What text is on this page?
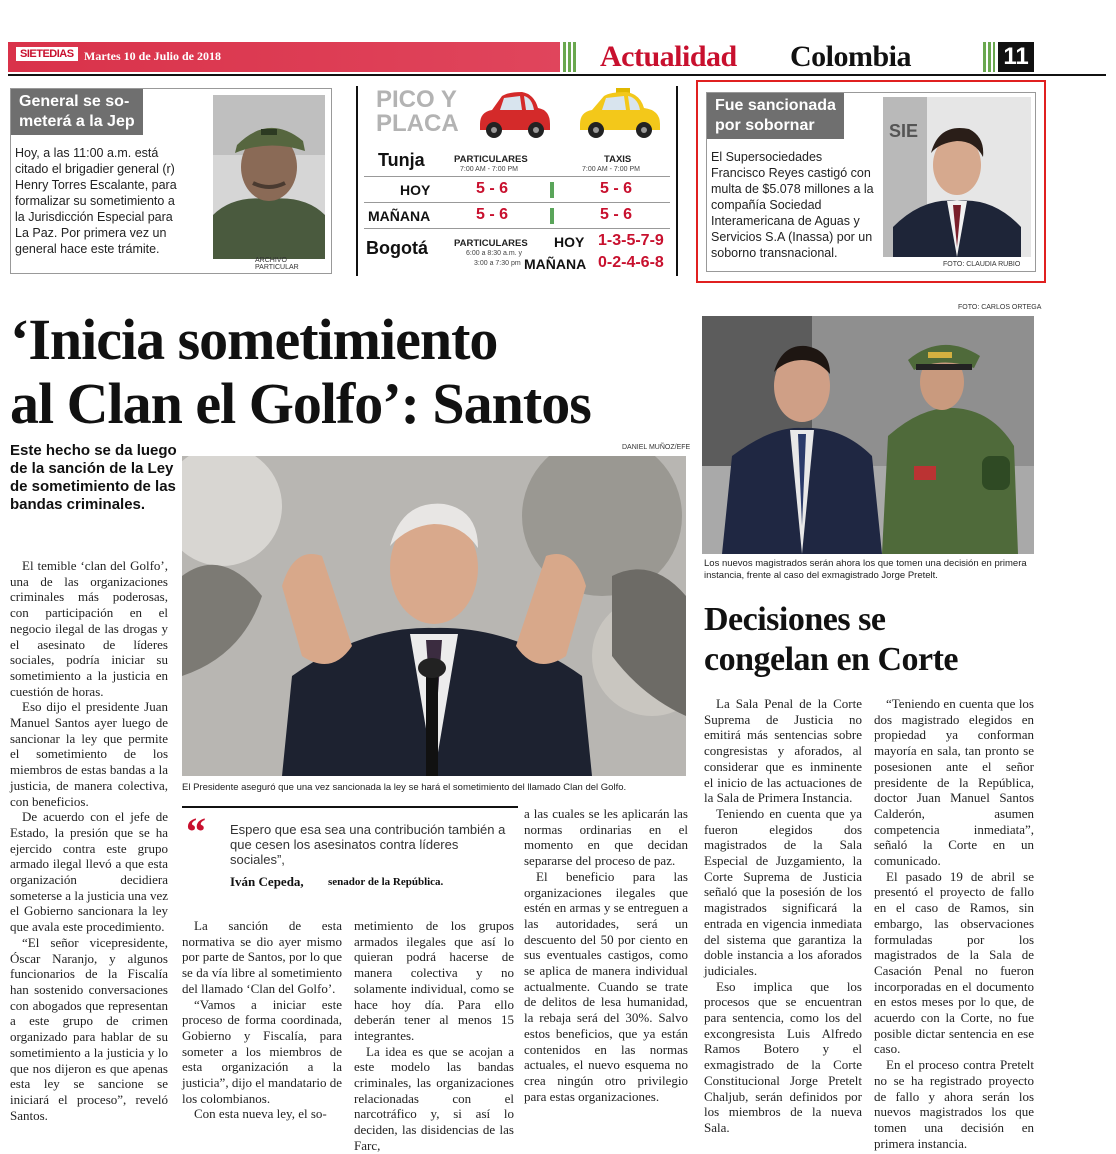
SIETEDIAS Martes 10 de Julio de 2018	Actualidad Colombia	11
General se so-
meterá a la Jep
Hoy, a las 11:00 a.m. está citado el brigadier general (r) Henry Torres Escalante, para formalizar su sometimiento a la Jurisdicción Especial para La Paz. Por primera vez un general hace este trámite.
ARCHIVO PARTICULAR
PICO Y
PLACA
Tunja	PARTICULARES
7:00 AM - 7:00 PM
TAXIS
7:00 AM - 7:00 PM
HOY	5 - 6	5 - 6
MAÑANA	5 - 6	5 - 6
Bogotá	PARTICULARES
6:00 a 8:30 a.m. y
3:00 a 7:30 pm
HOY 1-3-5-7-9
MAÑANA 0-2-4-6-8
Fue sancionada
por sobornar
El Supersociedades Francisco Reyes castigó con multa de $5.078 millones a la compañía Sociedad Interamericana de Aguas y Servicios S.A (Inassa) por un soborno transnacional.
SIE
FOTO: CLAUDIA RUBIO
‘Inicia sometimiento
al Clan el Golfo’: Santos
Este hecho se da luego de la sanción de la Ley de sometimiento de las bandas criminales.
DANIEL MUÑOZ/EFE
El Presidente aseguró que una vez sancionada la ley se hará el sometimiento del llamado Clan del Golfo.

El temible ‘clan del Golfo’, una de las organizaciones criminales más poderosas, con participación en el negocio ilegal de las drogas y el asesinato de líderes sociales, podría iniciar su sometimiento a la justicia en cuestión de horas.

Eso dijo el presidente Juan Manuel Santos ayer luego de sancionar la ley que permite el sometimiento de los miembros de estas bandas a la justicia, de manera colectiva, con beneficios.

De acuerdo con el jefe de Estado, la presión que se ha ejercido contra este grupo armado ilegal llevó a que esta organización decidiera someterse a la justicia una vez el Gobierno sancionara la ley que avala este procedimiento.

“El señor vicepresidente, Óscar Naranjo, y algunos funcionarios de la Fiscalía han sostenido conversaciones con abogados que representan a este grupo de crimen organizado para hablar de su sometimiento a la justicia y lo que nos dijeron es que apenas esta ley se sancione se iniciará el proceso”, reveló Santos.

“ Espero que esa sea una contribución también a que cesen los asesinatos contra líderes sociales”,
Iván Cepeda, senador de la República.

La sanción de esta normativa se dio ayer mismo por parte de Santos, por lo que se da vía libre al sometimiento del llamado ‘Clan del Golfo’.

“Vamos a iniciar este proceso de forma coordinada, Gobierno y Fiscalía, para someter a los miembros de esta organización a la justicia”, dijo el mandatario de los colombianos.

Con esta nueva ley, el so-

metimiento de los grupos armados ilegales que así lo quieran podrá hacerse de manera colectiva y no solamente individual, como se hace hoy día. Para ello deberán tener al menos 15 integrantes.

La idea es que se acojan a este modelo las bandas criminales, las organizaciones relacionadas con el narcotráfico y, si así lo deciden, las disidencias de las Farc,

a las cuales se les aplicarán las normas ordinarias en el momento en que decidan separarse del proceso de paz.

El beneficio para las organizaciones ilegales que estén en armas y se entreguen a las autoridades, será un descuento del 50 por ciento en sus eventuales castigos, como se aplica de manera individual actualmente. Cuando se trate de delitos de lesa humanidad, la rebaja será del 30%. Salvo estos beneficios, que ya están contenidos en las normas actuales, el nuevo esquema no crea ningún otro privilegio para estas organizaciones.

FOTO: CARLOS ORTEGA
Los nuevos magistrados serán ahora los que tomen una decisión en primera instancia, frente al caso del exmagistrado Jorge Pretelt.
Decisiones se
congelan en Corte

La Sala Penal de la Corte Suprema de Justicia no emitirá más sentencias sobre congresistas y aforados, al considerar que es inminente el inicio de las actuaciones de la Sala de Primera Instancia.

Teniendo en cuenta que ya fueron elegidos dos magistrados de la Sala Especial de Juzgamiento, la Corte Suprema de Justicia señaló que la posesión de los magistrados significará la entrada en vigencia inmediata del sistema que garantiza la doble instancia a los aforados judiciales.

Eso implica que los procesos que se encuentran para sentencia, como los del excongresista Luis Alfredo Ramos Botero y el exmagistrado de la Corte Constitucional Jorge Pretelt Chaljub, serán definidos por los miembros de la nueva Sala.

“Teniendo en cuenta que los dos magistrado elegidos en propiedad ya conforman mayoría en sala, tan pronto se posesionen ante el señor presidente de la República, doctor Juan Manuel Santos Calderón, asumen competencia inmediata”, señaló la Corte en un comunicado.

El pasado 19 de abril se presentó el proyecto de fallo en el caso de Ramos, sin embargo, las observaciones formuladas por los magistrados de la Sala de Casación Penal no fueron incorporadas en el documento en estos meses por lo que, de acuerdo con la Corte, no fue posible dictar sentencia en ese caso.

En el proceso contra Pretelt no se ha registrado proyecto de fallo y ahora serán los nuevos magistrados los que tomen una decisión en primera instancia.
